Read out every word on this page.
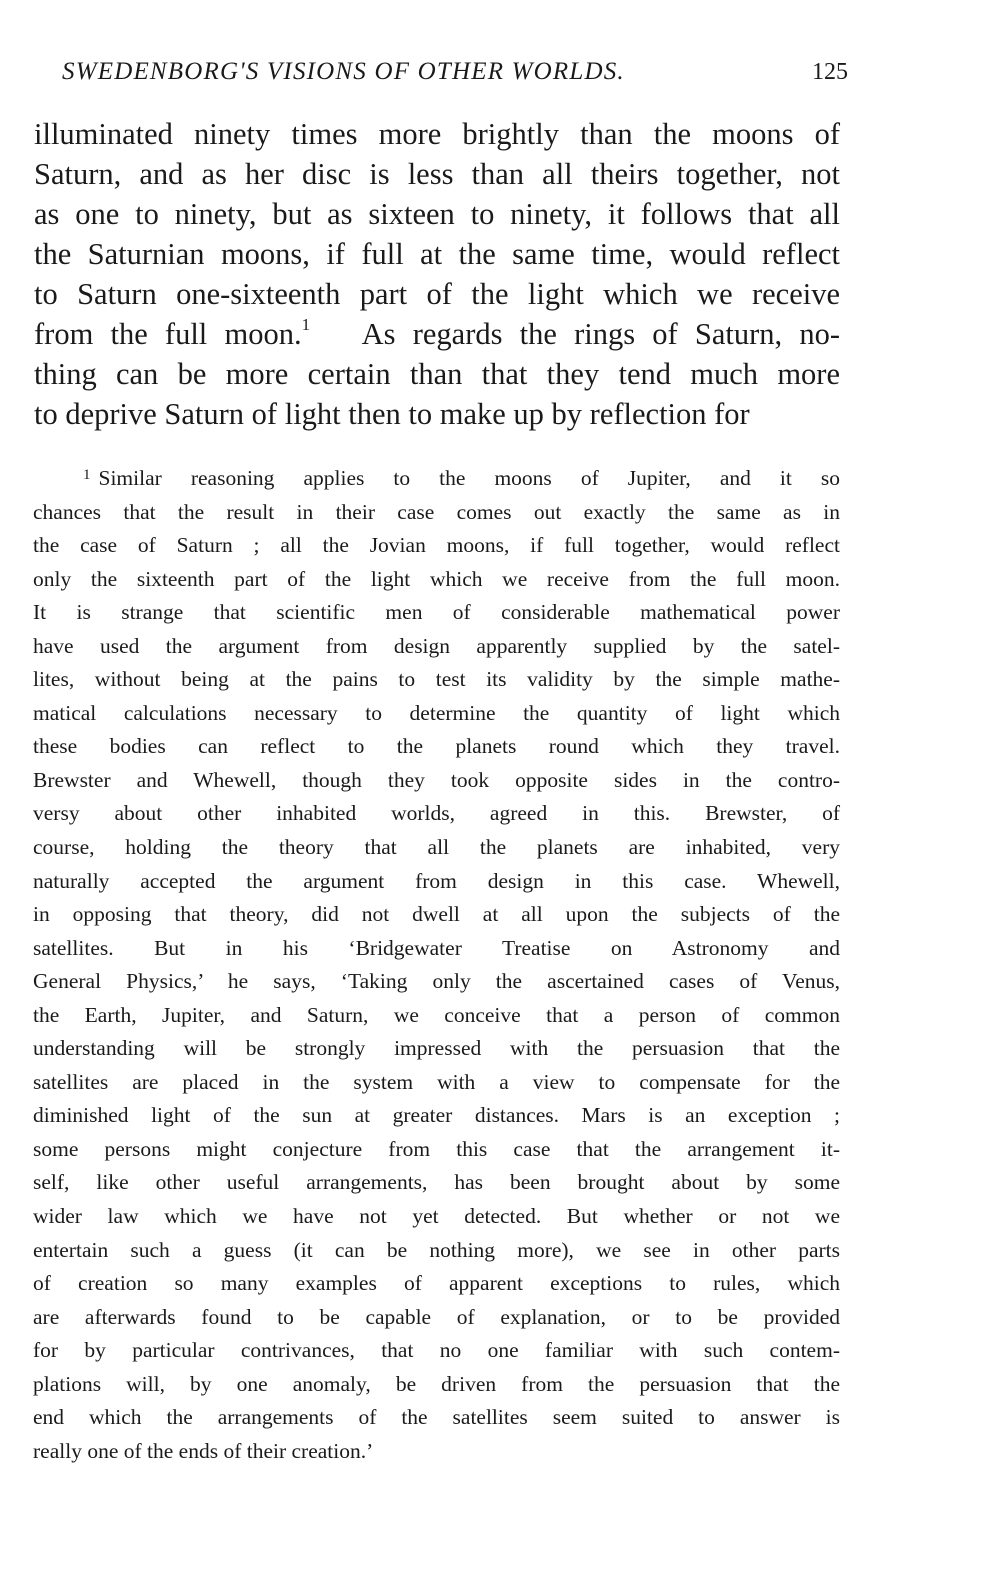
SWEDENBORG'S VISIONS OF OTHER WORLDS.	125
illuminated ninety times more brightly than the moons of
Saturn, and as her disc is less than all theirs together, not
as one to ninety, but as sixteen to ninety, it follows that all
the Saturnian moons, if full at the same time, would reflect
to Saturn one-sixteenth part of the light which we receive
from the full moon.$^1$ As regards the rings of Saturn, no-
thing can be more certain than that they tend much more
to deprive Saturn of light then to make up by reflection for
$^1$ Similar reasoning applies to the moons of Jupiter, and it so
chances that the result in their case comes out exactly the same as in
the case of Saturn ; all the Jovian moons, if full together, would reflect
only the sixteenth part of the light which we receive from the full moon.
It is strange that scientific men of considerable mathematical power
have used the argument from design apparently supplied by the satel-
lites, without being at the pains to test its validity by the simple mathe-
matical calculations necessary to determine the quantity of light which
these bodies can reflect to the planets round which they travel.
Brewster and Whewell, though they took opposite sides in the contro-
versy about other inhabited worlds, agreed in this. Brewster, of
course, holding the theory that all the planets are inhabited, very
naturally accepted the argument from design in this case. Whewell,
in opposing that theory, did not dwell at all upon the subjects of the
satellites. But in his ‘Bridgewater Treatise on Astronomy and
General Physics,’ he says, ‘Taking only the ascertained cases of Venus,
the Earth, Jupiter, and Saturn, we conceive that a person of common
understanding will be strongly impressed with the persuasion that the
satellites are placed in the system with a view to compensate for the
diminished light of the sun at greater distances. Mars is an exception ;
some persons might conjecture from this case that the arrangement it-
self, like other useful arrangements, has been brought about by some
wider law which we have not yet detected. But whether or not we
entertain such a guess (it can be nothing more), we see in other parts
of creation so many examples of apparent exceptions to rules, which
are afterwards found to be capable of explanation, or to be provided
for by particular contrivances, that no one familiar with such contem-
plations will, by one anomaly, be driven from the persuasion that the
end which the arrangements of the satellites seem suited to answer is
really one of the ends of their creation.’
